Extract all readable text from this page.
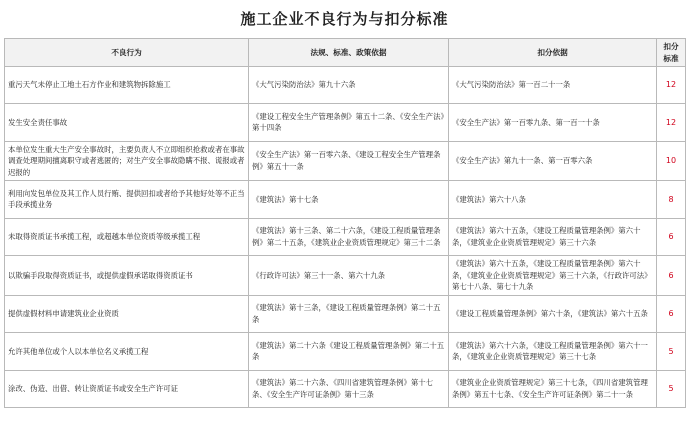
施工企业不良行为与扣分标准
不良行为	法规、标准、政策依据	扣分依据	扣分标准
重污天气未停止工地土石方作业和建筑物拆除施工	《大气污染防治法》第九十六条	《大气污染防治法》第一百二十一条	12
发生安全责任事故	《建设工程安全生产管理条例》第五十二条、《安全生产法》第十四条	《安全生产法》第一百零九条、第一百一十条	12
本单位发生重大生产安全事故时，主要负责人不立即组织抢救或者在事故调查处理期间擅离职守或者逃匿的；对生产安全事故隐瞒不报、谎报或者迟报的	《安全生产法》第一百零六条、《建设工程安全生产管理条例》第五十一条	《安全生产法》第九十一条、第一百零六条	10
利用向发包单位及其工作人员行贿、提供回扣或者给予其他好处等不正当手段承揽业务	《建筑法》第十七条	《建筑法》第六十八条	8
未取得资质证书承揽工程，或超越本单位资质等级承揽工程	《建筑法》第十三条、第二十六条，《建设工程质量管理条例》第二十五条，《建筑业企业资质管理规定》第三十二条	《建筑法》第六十五条，《建设工程质量管理条例》第六十条，《建筑业企业资质管理规定》第三十六条	6
以欺骗手段取得资质证书，或提供虚假承诺取得资质证书	《行政许可法》第三十一条、第六十九条	《建筑法》第六十五条，《建设工程质量管理条例》第六十条，《建筑业企业资质管理规定》第三十六条，《行政许可法》第七十八条、第七十九条	6
提供虚假材料申请建筑业企业资质	《建筑法》第十三条，《建设工程质量管理条例》第二十五条	《建设工程质量管理条例》第六十条，《建筑法》第六十五条	6
允许其他单位或个人以本单位名义承揽工程	《建筑法》第二十六条《建设工程质量管理条例》第二十五条	《建筑法》第六十六条，《建设工程质量管理条例》第六十一条，《建筑业企业资质管理规定》第三十七条	5
涂改、伪造、出借、转让资质证书或安全生产许可证	《建筑法》第二十六条、《四川省建筑管理条例》第十七条、《安全生产许可证条例》第十三条	《建筑业企业资质管理规定》第三十七条，《四川省建筑管理条例》第五十七条、《安全生产许可证条例》第二十一条	5
